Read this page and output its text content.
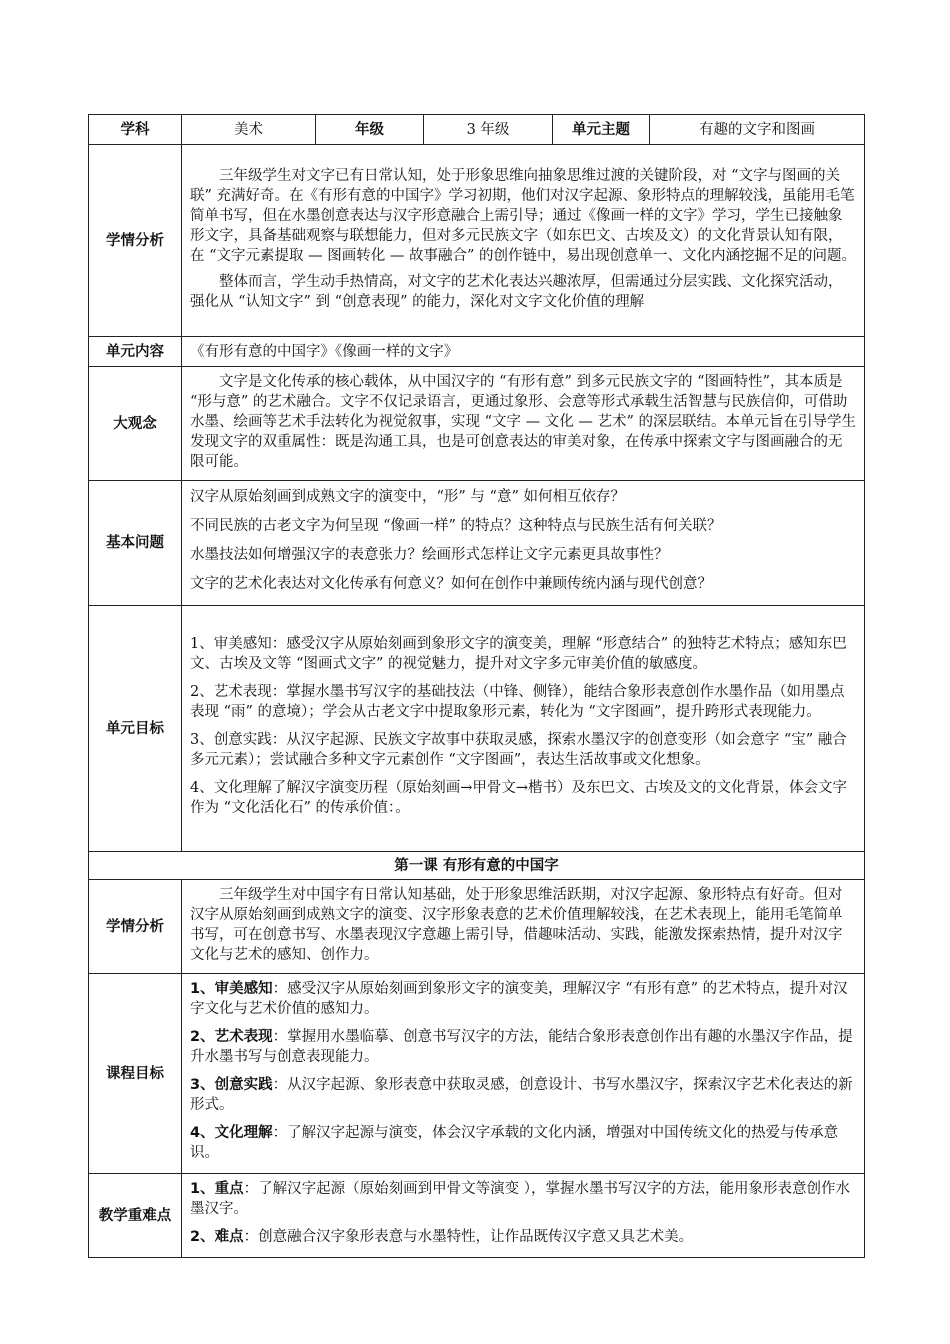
学科	美术	年级	3 年级	单元主题	有趣的文字和图画
学情分析	三年级学生对文字已有日常认知，处于形象思维向抽象思维过渡的关键阶段，对 “文字与图画的关联” 充满好奇。在《有形有意的中国字》学习初期，他们对汉字起源、象形特点的理解较浅，虽能用毛笔简单书写，但在水墨创意表达与汉字形意融合上需引导；通过《像画一样的文字》学习，学生已接触象形文字，具备基础观察与联想能力，但对多元民族文字（如东巴文、古埃及文）的文化背景认知有限，在 “文字元素提取 — 图画转化 — 故事融合” 的创作链中，易出现创意单一、文化内涵挖掘不足的问题。

整体而言，学生动手热情高，对文字的艺术化表达兴趣浓厚，但需通过分层实践、文化探究活动，强化从 “认知文字” 到 “创意表现” 的能力，深化对文字文化价值的理解				

单元内容	《有形有意的中国字》《像画一样的文字》				
大观念	文字是文化传承的核心载体，从中国汉字的 “有形有意” 到多元民族文字的 “图画特性”，其本质是 “形与意” 的艺术融合。文字不仅记录语言，更通过象形、会意等形式承载生活智慧与民族信仰，可借助水墨、绘画等艺术手法转化为视觉叙事，实现 “文字 — 文化 — 艺术” 的深层联结。本单元旨在引导学生发现文字的双重属性：既是沟通工具，也是可创意表达的审美对象，在传承中探索文字与图画融合的无限可能。				

基本问题	汉字从原始刻画到成熟文字的演变中，“形” 与 “意” 如何相互依存？

不同民族的古老文字为何呈现 “像画一样” 的特点？这种特点与民族生活有何关联？

水墨技法如何增强汉字的表意张力？绘画形式怎样让文字元素更具故事性？

文字的艺术化表达对文化传承有何意义？如何在创作中兼顾传统内涵与现代创意？				

单元目标	1、审美感知：感受汉字从原始刻画到象形文字的演变美，理解 “形意结合” 的独特艺术特点；感知东巴文、古埃及文等 “图画式文字” 的视觉魅力，提升对文字多元审美价值的敏感度。

2、艺术表现：掌握水墨书写汉字的基础技法（中锋、侧锋），能结合象形表意创作水墨作品（如用墨点表现 “雨” 的意境）；学会从古老文字中提取象形元素，转化为 “文字图画”，提升跨形式表现能力。

3、创意实践：从汉字起源、民族文字故事中获取灵感，探索水墨汉字的创意变形（如会意字 “宝” 融合多元元素）；尝试融合多种文字元素创作 “文字图画”，表达生活故事或文化想象。

4、文化理解了解汉字演变历程（原始刻画→甲骨文→楷书）及东巴文、古埃及文的文化背景，体会文字作为 “文化活化石” 的传承价值：。				

第一课 有形有意的中国字					
学情分析	三年级学生对中国字有日常认知基础，处于形象思维活跃期，对汉字起源、象形特点有好奇。但对汉字从原始刻画到成熟文字的演变、汉字形象表意的艺术价值理解较浅，在艺术表现上，能用毛笔简单书写，可在创意书写、水墨表现汉字意趣上需引导，借趣味活动、实践，能激发探索热情，提升对汉字文化与艺术的感知、创作力。				

课程目标	1、审美感知：感受汉字从原始刻画到象形文字的演变美，理解汉字 “有形有意” 的艺术特点，提升对汉字文化与艺术价值的感知力。

2、艺术表现：掌握用水墨临摹、创意书写汉字的方法，能结合象形表意创作出有趣的水墨汉字作品，提升水墨书写与创意表现能力。

3、创意实践：从汉字起源、象形表意中获取灵感，创意设计、书写水墨汉字，探索汉字艺术化表达的新形式。

4、文化理解：了解汉字起源与演变，体会汉字承载的文化内涵，增强对中国传统文化的热爱与传承意识。				

教学重难点	1、重点：了解汉字起源（原始刻画到甲骨文等演变 ），掌握水墨书写汉字的方法，能用象形表意创作水墨汉字。

2、难点：创意融合汉字象形表意与水墨特性，让作品既传汉字意又具艺术美。				
